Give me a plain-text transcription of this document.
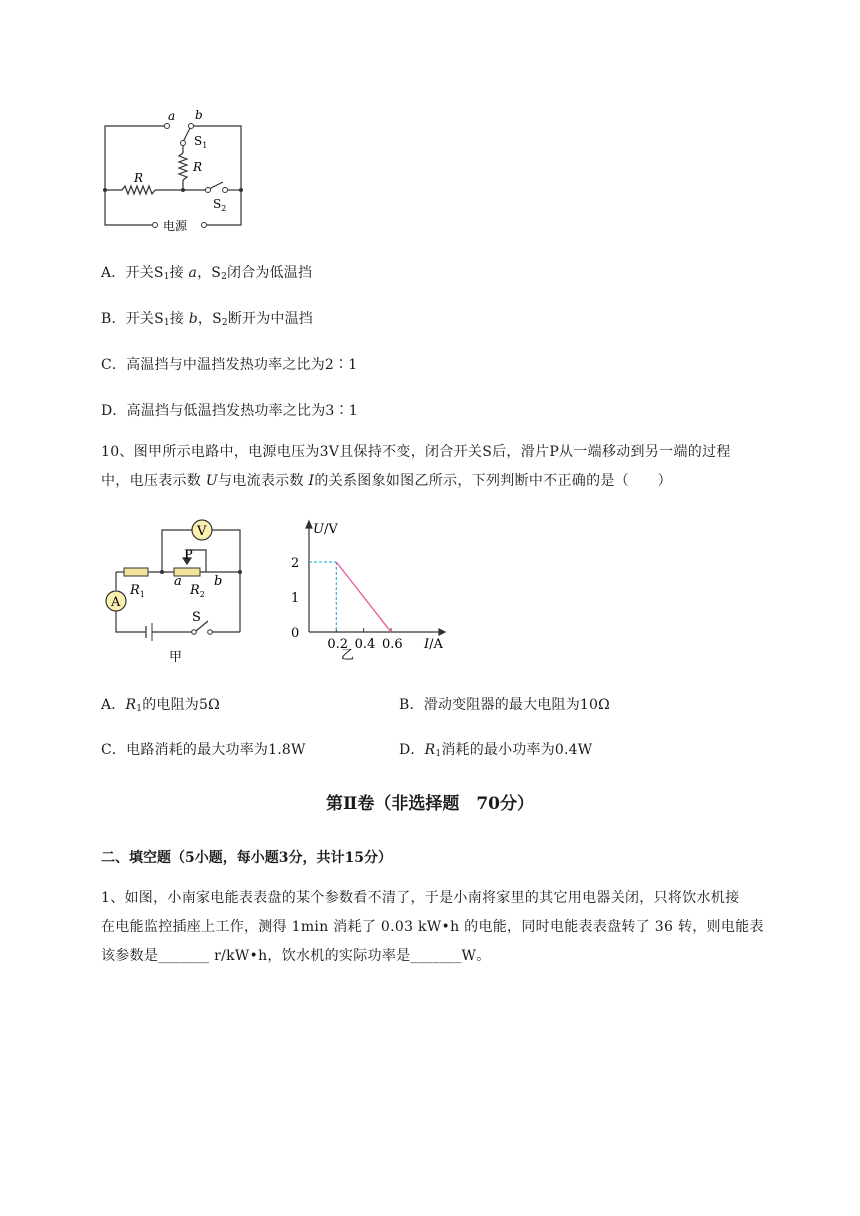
a b
$S_1$
R
R
$S_2$
电源
A．开关$S_1$接 a，$S_2$闭合为低温挡
B．开关$S_1$接 b，$S_2$断开为中温挡
C．高温挡与中温挡发热功率之比为2∶1
D．高温挡与低温挡发热功率之比为3∶1
10、图甲所示电路中，电源电压为3V且保持不变，闭合开关S后，滑片P从一端移动到另一端的过程
中，电压表示数 U与电流表示数 I的关系图象如图乙所示，下列判断中不正确的是（　　）
V
A
P
$R_1$
a
$R_2$
b
S
甲
0.2 0.4 0.6
1
2
U/V
I/A
0
乙
A．$R_1$的电阻为5Ω	B．滑动变阻器的最大电阻为10Ω
C．电路消耗的最大功率为1.8W	D．$R_1$消耗的最小功率为0.4W
第Ⅱ卷（非选择题　70分）
二、填空题（5小题，每小题3分，共计15分）
1、如图，小南家电能表表盘的某个参数看不清了，于是小南将家里的其它用电器关闭，只将饮水机接
在电能监控插座上工作，测得 1min 消耗了 0.03 kW•h 的电能，同时电能表表盘转了 36 转，则电能表
该参数是_______ r/kW•h，饮水机的实际功率是_______W。
